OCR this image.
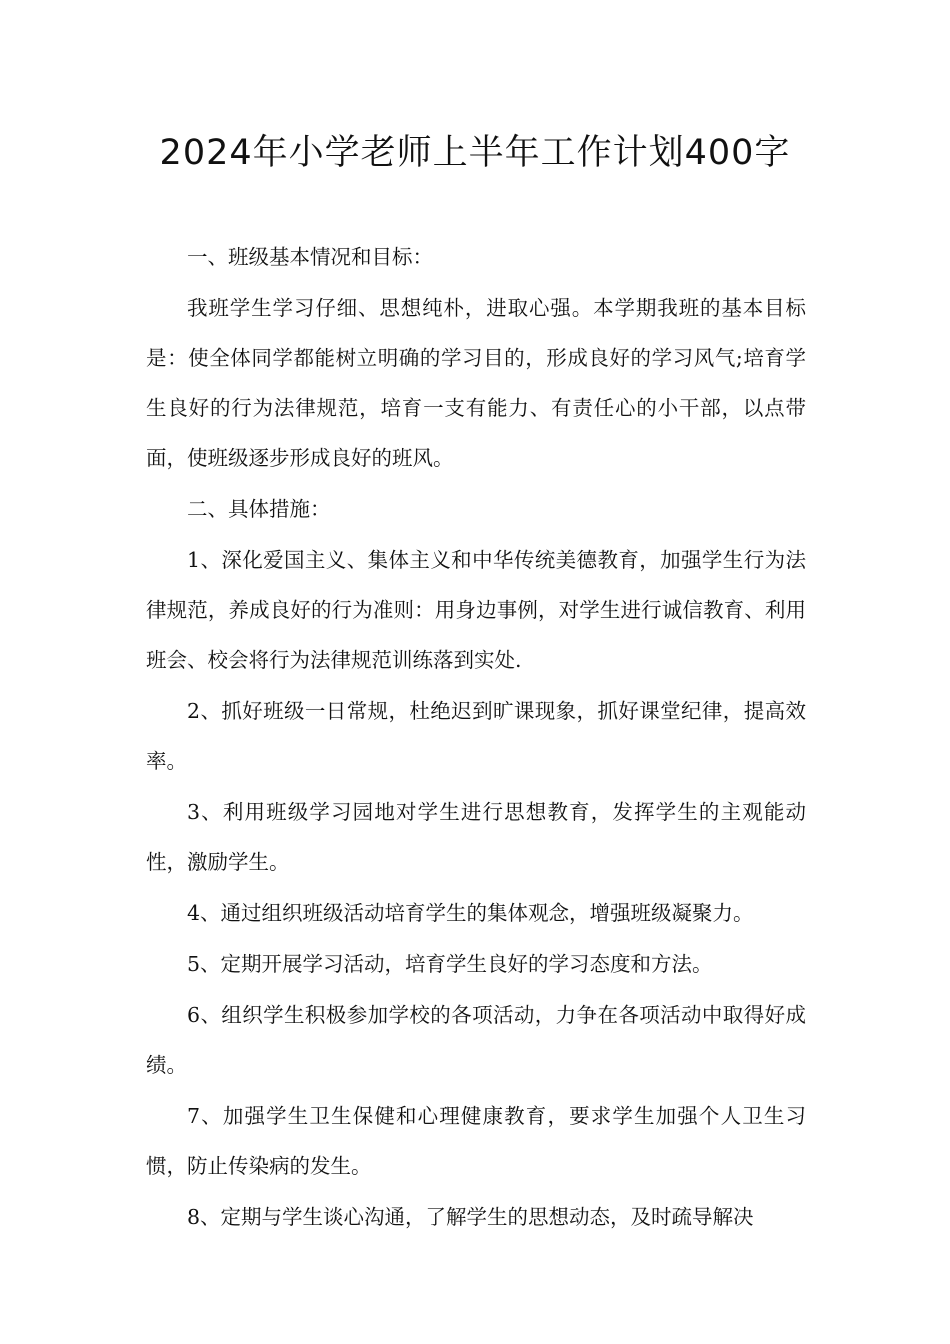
2024年小学老师上半年工作计划400字

一、班级基本情况和目标：

我班学生学习仔细、思想纯朴，进取心强。本学期我班的基本目标是：使全体同学都能树立明确的学习目的，形成良好的学习风气;培育学生良好的行为法律规范，培育一支有能力、有责任心的小干部，以点带面，使班级逐步形成良好的班风。

二、具体措施：

1、深化爱国主义、集体主义和中华传统美德教育，加强学生行为法律规范，养成良好的行为准则：用身边事例，对学生进行诚信教育、利用班会、校会将行为法律规范训练落到实处.

2、抓好班级一日常规，杜绝迟到旷课现象，抓好课堂纪律，提高效率。

3、利用班级学习园地对学生进行思想教育，发挥学生的主观能动性，激励学生。

4、通过组织班级活动培育学生的集体观念，增强班级凝聚力。

5、定期开展学习活动，培育学生良好的学习态度和方法。

6、组织学生积极参加学校的各项活动，力争在各项活动中取得好成绩。

7、加强学生卫生保健和心理健康教育，要求学生加强个人卫生习惯，防止传染病的发生。

8、定期与学生谈心沟通，了解学生的思想动态，及时疏导解决
